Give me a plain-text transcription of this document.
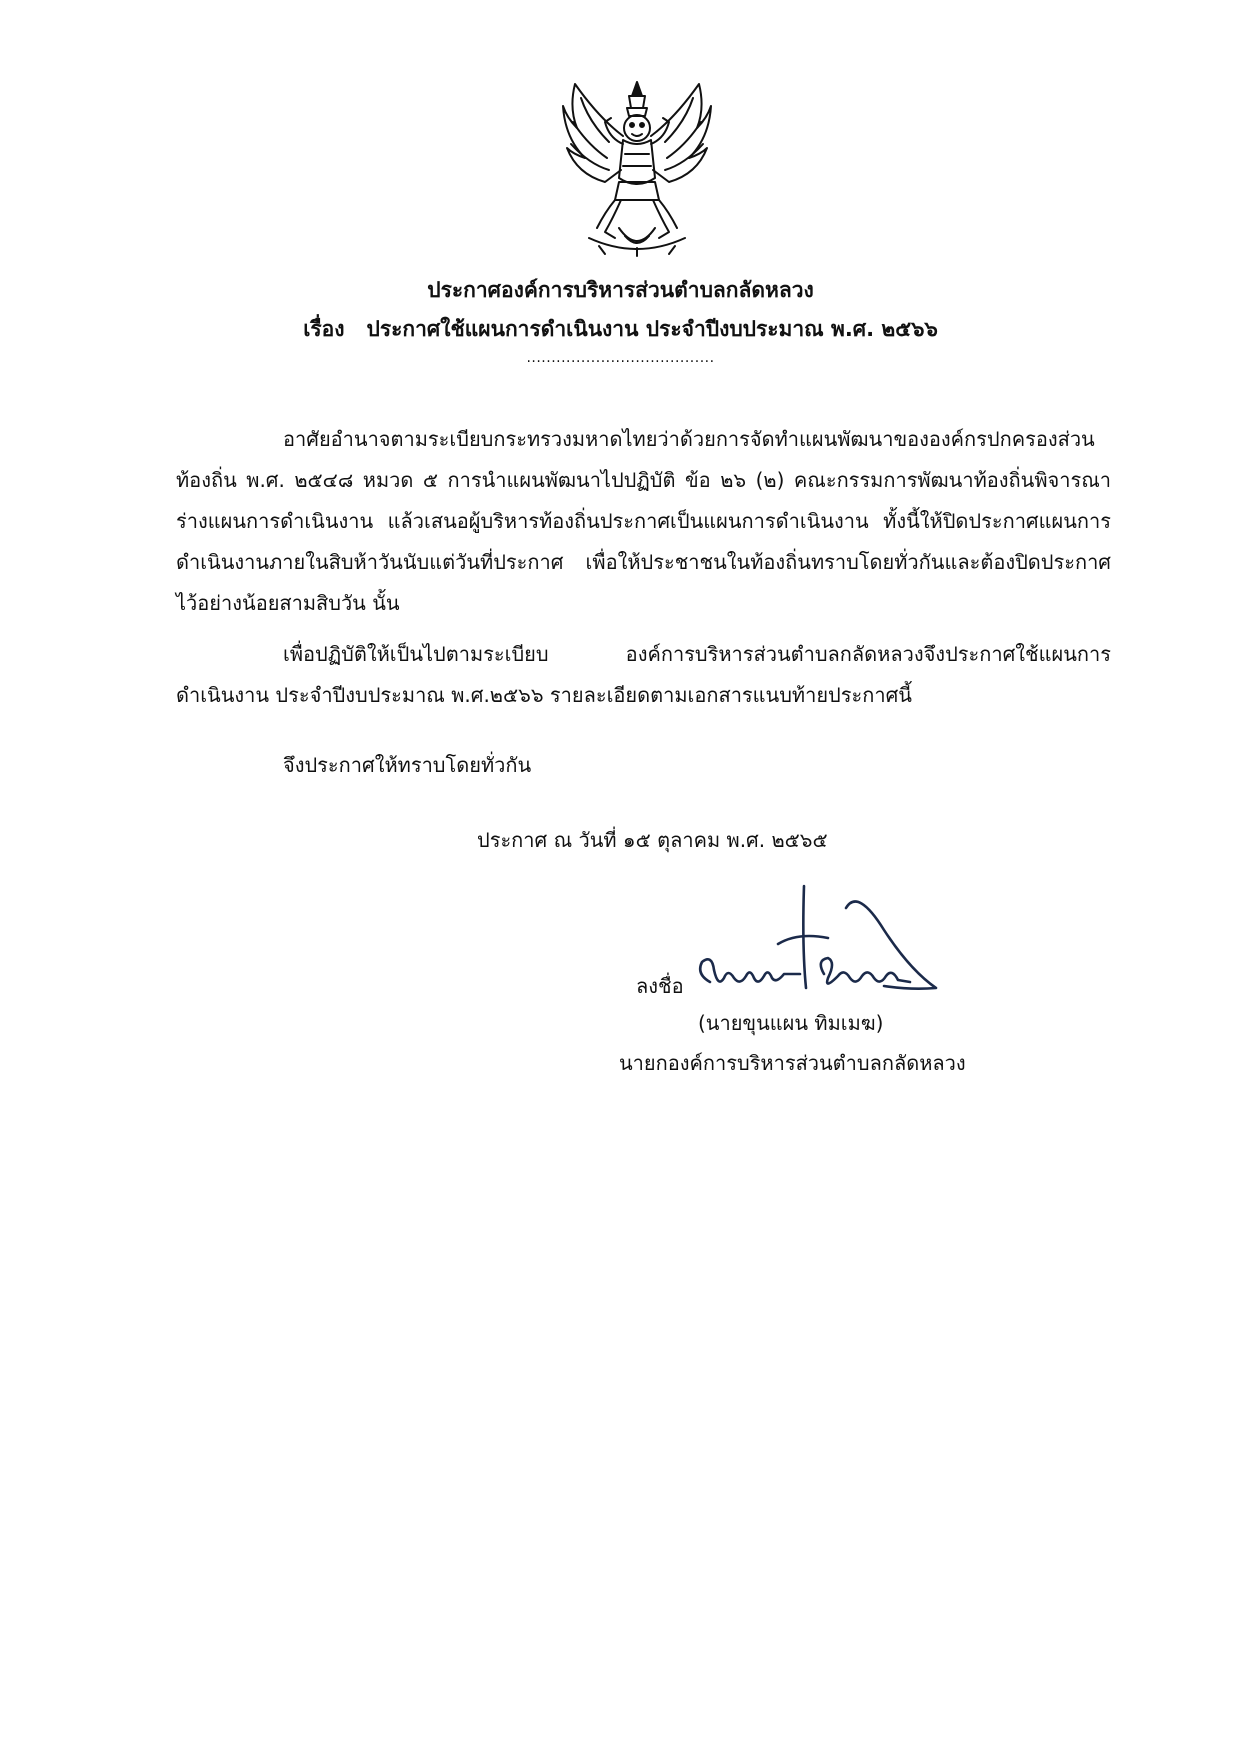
ประกาศองค์การบริหารส่วนตำบลกลัดหลวง
เรื่อง ประกาศใช้แผนการดำเนินงาน ประจำปีงบประมาณ พ.ศ. ๒๕๖๖
......................................
อาศัยอำนาจตามระเบียบกระทรวงมหาดไทยว่าด้วยการจัดทำแผนพัฒนาขององค์กรปกครองส่วน
ท้องถิ่น พ.ศ. ๒๕๔๘ หมวด ๕ การนำแผนพัฒนาไปปฏิบัติ ข้อ ๒๖ (๒) คณะกรรมการพัฒนาท้องถิ่นพิจารณา
ร่างแผนการดำเนินงาน แล้วเสนอผู้บริหารท้องถิ่นประกาศเป็นแผนการดำเนินงาน ทั้งนี้ให้ปิดประกาศแผนการ
ดำเนินงานภายในสิบห้าวันนับแต่วันที่ประกาศ เพื่อให้ประชาชนในท้องถิ่นทราบโดยทั่วกันและต้องปิดประกาศ
ไว้อย่างน้อยสามสิบวัน นั้น
เพื่อปฏิบัติให้เป็นไปตามระเบียบ องค์การบริหารส่วนตำบลกลัดหลวงจึงประกาศใช้แผนการ
ดำเนินงาน ประจำปีงบประมาณ พ.ศ.๒๕๖๖ รายละเอียดตามเอกสารแนบท้ายประกาศนี้
จึงประกาศให้ทราบโดยทั่วกัน
ประกาศ ณ วันที่ ๑๕ ตุลาคม พ.ศ. ๒๕๖๕
ลงชื่อ
(นายขุนแผน ทิมเมฆ)
นายกองค์การบริหารส่วนตำบลกลัดหลวง
